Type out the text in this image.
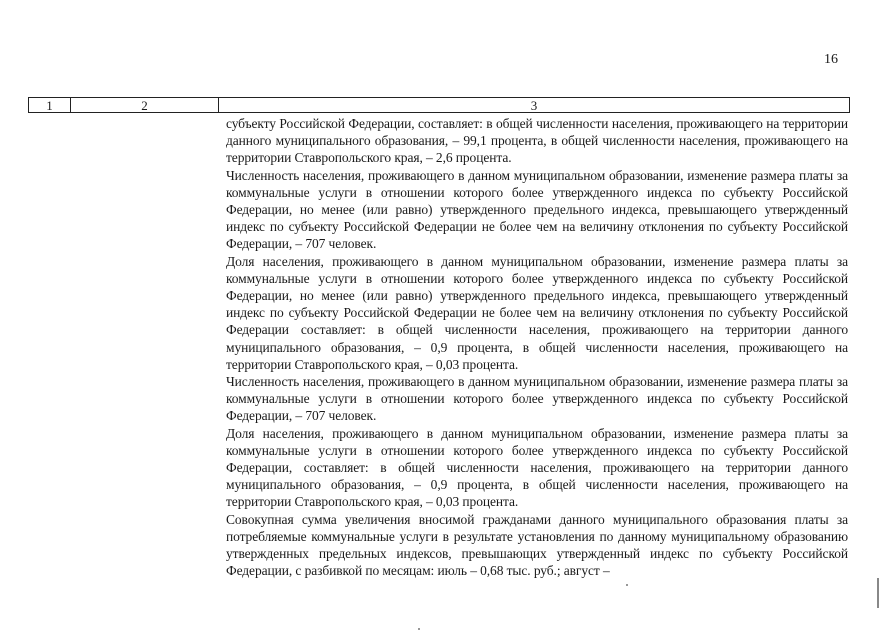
16
1	2	3

субъекту Российской Федерации, составляет: в общей численности населения, проживающего на территории данного муниципального образования, – 99,1 процента, в общей численности населения, проживающего на территории Ставропольского края, – 2,6 процента.

Численность населения, проживающего в данном муниципальном образовании, изменение размера платы за коммунальные услуги в отношении которого более утвержденного индекса по субъекту Российской Федерации, но менее (или равно) утвержденного предельного индекса, превышающего утвержденный индекс по субъекту Российской Федерации не более чем на величину отклонения по субъекту Российской Федерации, – 707 человек.

Доля населения, проживающего в данном муниципальном образовании, изменение размера платы за коммунальные услуги в отношении которого более утвержденного индекса по субъекту Российской Федерации, но менее (или равно) утвержденного предельного индекса, превышающего утвержденный индекс по субъекту Российской Федерации не более чем на величину отклонения по субъекту Российской Федерации составляет: в общей численности населения, проживающего на территории данного муниципального образования, – 0,9 процента, в общей численности населения, проживающего на территории Ставропольского края, – 0,03 процента.

Численность населения, проживающего в данном муниципальном образовании, изменение размера платы за коммунальные услуги в отношении которого более утвержденного индекса по субъекту Российской Федерации, – 707 человек.

Доля населения, проживающего в данном муниципальном образовании, изменение размера платы за коммунальные услуги в отношении которого более утвержденного индекса по субъекту Российской Федерации, составляет: в общей численности населения, проживающего на территории данного муниципального образования, – 0,9 процента, в общей численности населения, проживающего на территории Ставропольского края, – 0,03 процента.

Совокупная сумма увеличения вносимой гражданами данного муниципального образования платы за потребляемые коммунальные услуги в результате установления по данному муниципальному образованию утвержденных предельных индексов, превышающих утвержденный индекс по субъекту Российской Федерации, с разбивкой по месяцам: июль – 0,68 тыс. руб.; август –
